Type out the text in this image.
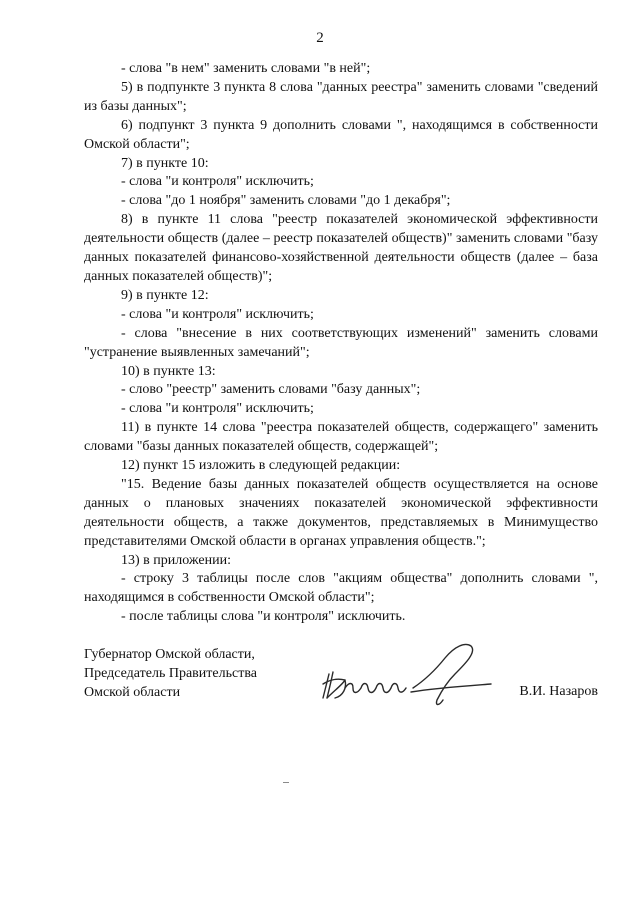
2

- слова "в нем" заменить словами "в ней";

5) в подпункте 3 пункта 8 слова "данных реестра" заменить словами "сведений из базы данных";

6) подпункт 3 пункта 9 дополнить словами ", находящимся в собственности Омской области";

7) в пункте 10:

- слова "и контроля" исключить;

- слова "до 1 ноября" заменить словами "до 1 декабря";

8) в пункте 11 слова "реестр показателей экономической эффективности деятельности обществ (далее – реестр показателей обществ)" заменить словами "базу данных показателей финансово-хозяйственной деятельности обществ (далее – база данных показателей обществ)";

9) в пункте 12:

- слова "и контроля" исключить;

- слова "внесение в них соответствующих изменений" заменить словами "устранение выявленных замечаний";

10) в пункте 13:

- слово "реестр" заменить словами "базу данных";

- слова "и контроля" исключить;

11) в пункте 14 слова "реестра показателей обществ, содержащего" заменить словами "базы данных показателей обществ, содержащей";

12) пункт 15 изложить в следующей редакции:

"15. Ведение базы данных показателей обществ осуществляется на основе данных о плановых значениях показателей экономической эффективности деятельности обществ, а также документов, представляемых в Минимущество представителями Омской области в органах управления обществ.";

13) в приложении:

- строку 3 таблицы после слов "акциям общества" дополнить словами ", находящимся в собственности Омской области";

- после таблицы слова "и контроля" исключить.

Губернатор Омской области,
Председатель Правительства
Омской области	В.И. Назаров
